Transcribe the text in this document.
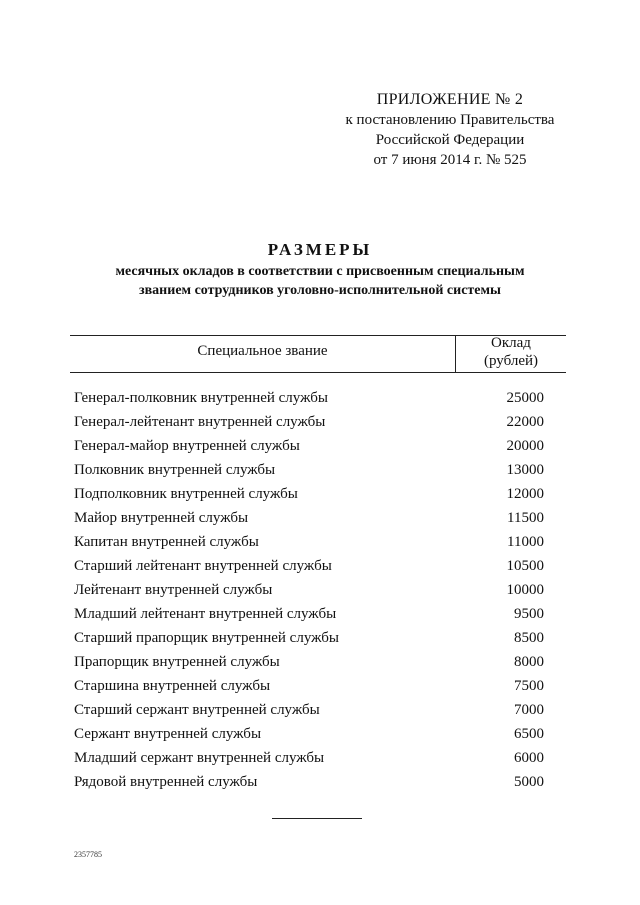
ПРИЛОЖЕНИЕ № 2
к постановлению Правительства
Российской Федерации
от 7 июня 2014 г. № 525
РАЗМЕРЫ
месячных окладов в соответствии с присвоенным специальным
званием сотрудников уголовно-исполнительной системы
Специальное звание	Оклад
(рублей)
Генерал-полковник внутренней службы	25000
Генерал-лейтенант внутренней службы	22000
Генерал-майор внутренней службы	20000
Полковник внутренней службы	13000
Подполковник внутренней службы	12000
Майор внутренней службы	11500
Капитан внутренней службы	11000
Старший лейтенант внутренней службы	10500
Лейтенант внутренней службы	10000
Младший лейтенант внутренней службы	9500
Старший прапорщик внутренней службы	8500
Прапорщик внутренней службы	8000
Старшина внутренней службы	7500
Старший сержант внутренней службы	7000
Сержант внутренней службы	6500
Младший сержант внутренней службы	6000
Рядовой внутренней службы	5000
2357785
